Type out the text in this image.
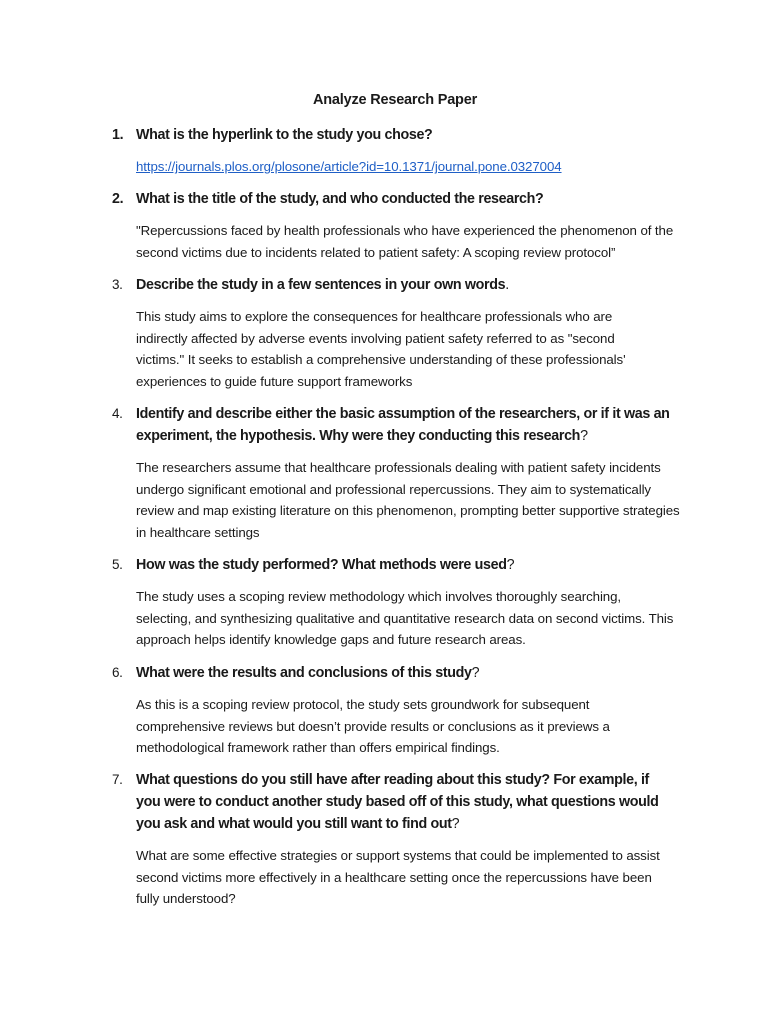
Analyze Research Paper
1. What is the hyperlink to the study you chose?
https://journals.plos.org/plosone/article?id=10.1371/journal.pone.0327004
2. What is the title of the study, and who conducted the research?
"Repercussions faced by health professionals who have experienced the phenomenon of the second victims due to incidents related to patient safety: A scoping review protocol”
3. Describe the study in a few sentences in your own words.
This study aims to explore the consequences for healthcare professionals who are indirectly affected by adverse events involving patient safety referred to as "second victims." It seeks to establish a comprehensive understanding of these professionals' experiences to guide future support frameworks
4. Identify and describe either the basic assumption of the researchers, or if it was an experiment, the hypothesis. Why were they conducting this research?
The researchers assume that healthcare professionals dealing with patient safety incidents undergo significant emotional and professional repercussions. They aim to systematically review and map existing literature on this phenomenon, prompting better supportive strategies in healthcare settings
5. How was the study performed? What methods were used?
The study uses a scoping review methodology which involves thoroughly searching, selecting, and synthesizing qualitative and quantitative research data on second victims. This approach helps identify knowledge gaps and future research areas.
6. What were the results and conclusions of this study?
As this is a scoping review protocol, the study sets groundwork for subsequent comprehensive reviews but doesn’t provide results or conclusions as it previews a methodological framework rather than offers empirical findings.
7. What questions do you still have after reading about this study? For example, if you were to conduct another study based off of this study, what questions would you ask and what would you still want to find out?
What are some effective strategies or support systems that could be implemented to assist second victims more effectively in a healthcare setting once the repercussions have been fully understood?
